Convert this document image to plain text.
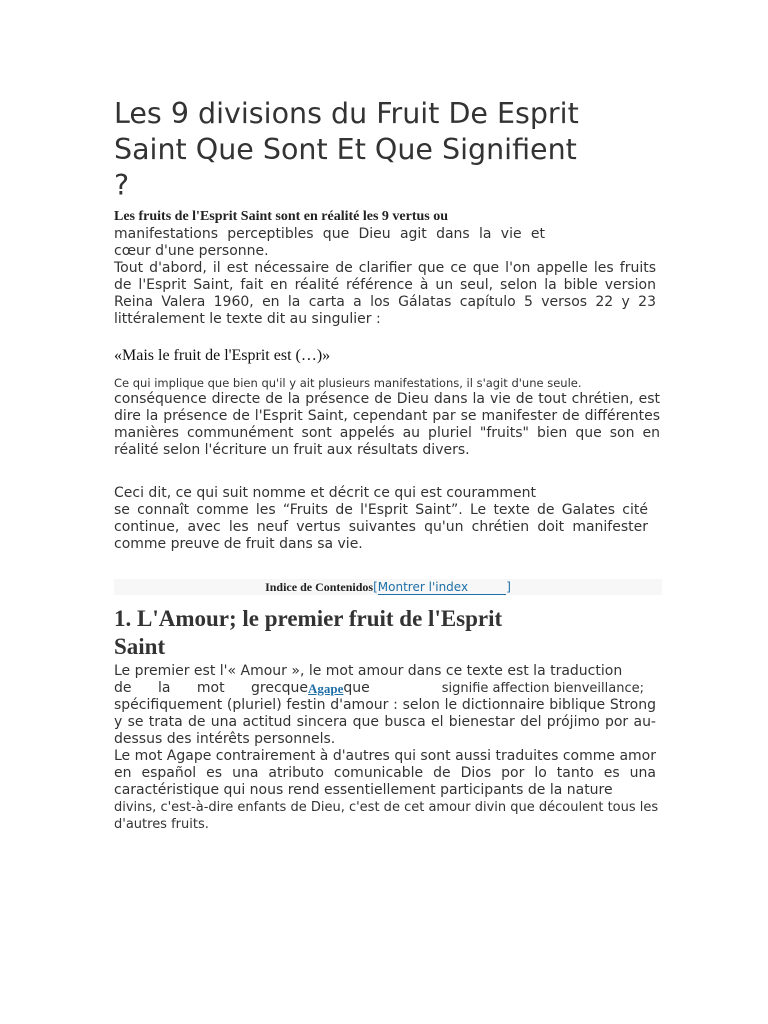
Les 9 divisions du Fruit De Esprit Saint Que Sont Et Que Signifient ?

Les fruits de l'Esprit Saint sont en réalité les 9 vertus ou

manifestations perceptibles que Dieu agit dans la vie et cœur d'une personne.

Tout d'abord, il est nécessaire de clarifier que ce que l'on appelle les fruits de l'Esprit Saint, fait en réalité référence à un seul, selon la bible version Reina Valera 1960, en la carta a los Gálatas capítulo 5 versos 22 y 23 littéralement le texte dit au singulier :

«Mais le fruit de l'Esprit est (…)»

Ce qui implique que bien qu'il y ait plusieurs manifestations, il s'agit d'une seule.

conséquence directe de la présence de Dieu dans la vie de tout chrétien, est dire la présence de l'Esprit Saint, cependant par se manifester de différentes manières communément sont appelés au pluriel "fruits" bien que son en réalité selon l'écriture un fruit aux résultats divers.

Ceci dit, ce qui suit nomme et décrit ce qui est couramment

se connaît comme les “Fruits de l'Esprit Saint”. Le texte de Galates cité continue, avec les neuf vertus suivantes qu'un chrétien doit manifester comme preuve de fruit dans sa vie.

Indice de Contenidos[Montrer l'index	]
1. L'Amour; le premier fruit de l'Esprit Saint

Le premier est l'« Amour », le mot amour dans ce texte est la traduction

de la mot grecque Agape que	signifie affection bienveillance;

spécifiquement (pluriel) festin d'amour : selon le dictionnaire biblique Strong y se trata de una actitud sincera que busca el bienestar del prójimo por au-dessus des intérêts personnels.

Le mot Agape contrairement à d'autres qui sont aussi traduites comme amor en español es una atributo comunicable de Dios por lo tanto es una caractéristique qui nous rend essentiellement participants de la nature

divins, c'est-à-dire enfants de Dieu, c'est de cet amour divin que découlent tous les d'autres fruits.
